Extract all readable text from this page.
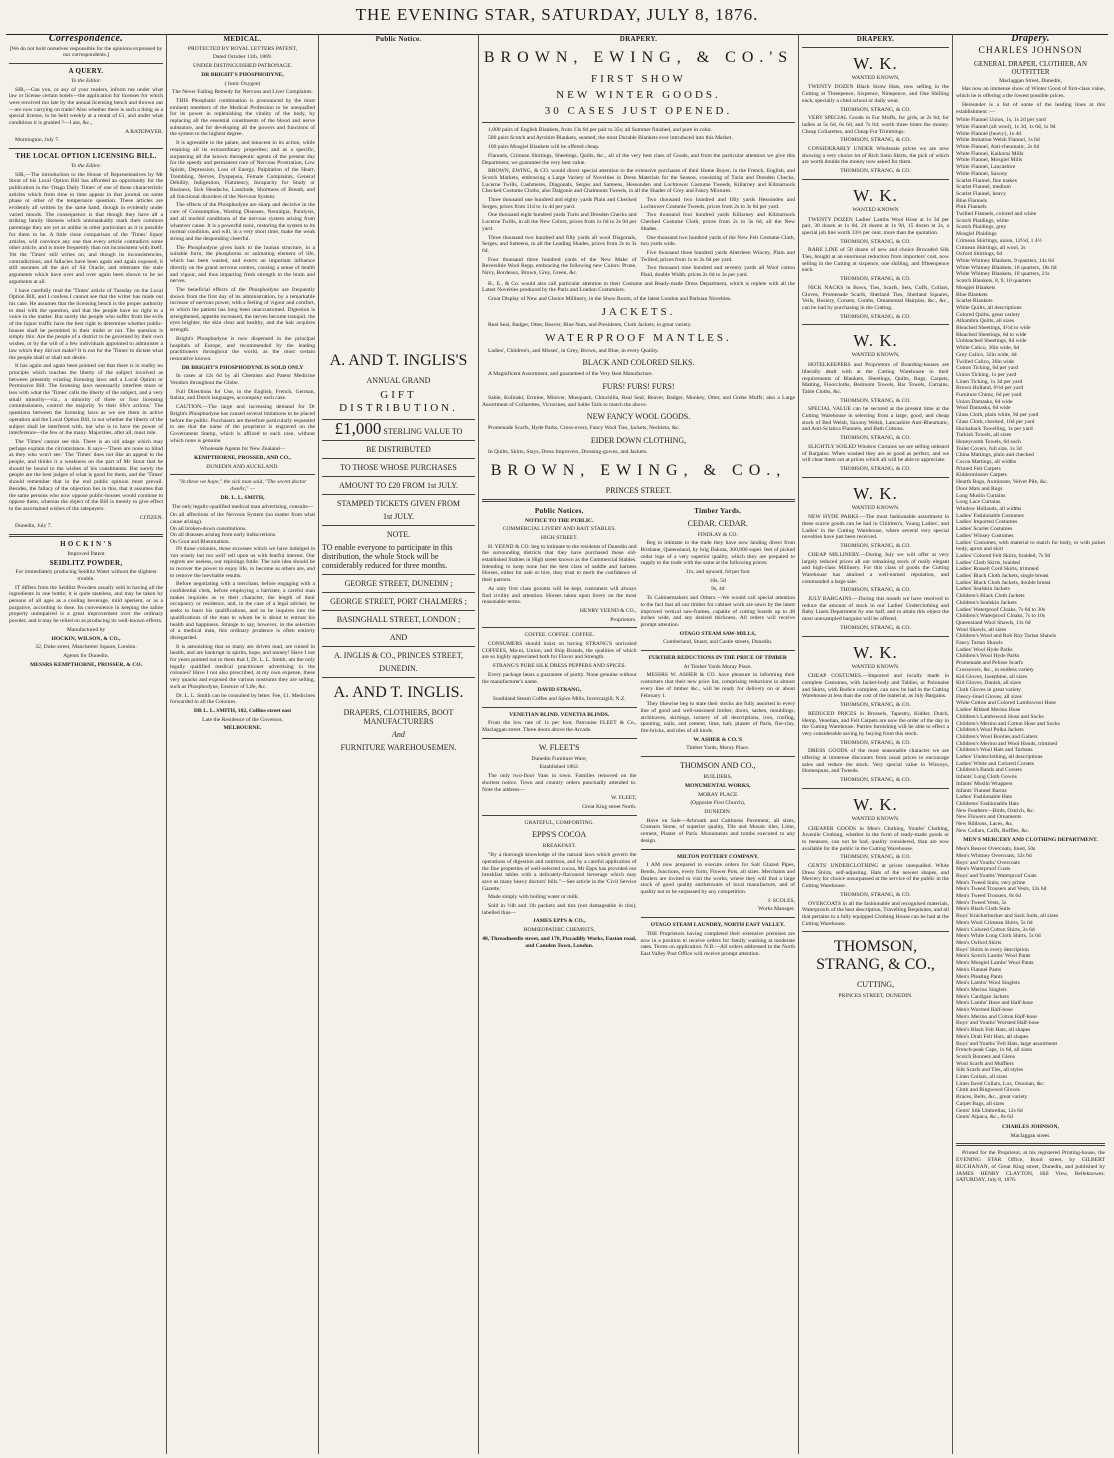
THE EVENING STAR, SATURDAY, JULY 8, 1876.
Correspondence.

[We do not hold ourselves responsible for the opinions expressed by our correspondents.]

A QUERY.

To the Editor.

SIR,—Can you, or any of your readers, inform me under what law or license certain hotels—the application for licenses for which were received too late by the annual licensing bench and thrown out—are now carrying on trade? Also whether there is such a thing as a special license, to be held weekly at a rental of £1, and under what conditions it is granted ?—I am, &c.,

A RATEPAYER.

Mornington, July 7.

THE LOCAL OPTION LICENSING BILL.

To the Editor.

SIR,—The introduction to the House of Representatives by Mr Stout of his Local Option Bill has afforded an opportunity for the publication in the 'Otago Daily Times' of one of those characteristic articles which from time to time appear in that journal on some phase or other of the temperance question. These articles are evidently all written by the same hand, though in evidently under varied moods. The consequence is that though they have all a striking family likeness which unmistakably mark their common parentage they are yet as unlike in other particulars as it is possible for them to be. A little close comparison of the 'Times' liquor articles, will convince any one that every article contradicts some other article, and is more frequently than not inconsistent with itself. Yet the 'Times' still writes on, and though its inconsistencies, contradictions, and fallacies have been again and again exposed, it still assumes all the airs of Sir Oracle, and reiterates the stale arguments which have over and over again been shown to be no arguments at all.

I have carefully read the 'Times' article of Tuesday on the Local Option Bill, and I confess I cannot see that the writer has made out his case. He assumes that the licensing bench is the proper authority to deal with the question, and that the people have no right to a voice in the matter. But surely the people who suffer from the evils of the liquor traffic have the best right to determine whether public-houses shall be permitted in their midst or not. The question is simply this: Are the people of a district to be governed by their own wishes, or by the will of a few individuals appointed to administer a law which they did not make? It is not for the 'Times' to dictate what the people shall or shall not desire.

It has again and again been pointed out that there is in reality no principle which touches the liberty of the subject involved as between presently existing licensing laws and a Local Option or Permissive Bill. The licensing laws necessarily interfere more or less with what the 'Times' calls the liberty of the subject, and a very small minority—viz., a minority of three or four licensing commissioners, control the majority 'in their life's actions.' The questions between the licensing laws as we see them in active operation and the Local Option Bill, is not whether the liberty of the subject shall be interfered with, but who is to have the power of interference—the few or the many. Majorities, after all, must rule.

The 'Times' cannot see this. There is an old adage which may perhaps explain the circumstance. It says—'There are none so blind as they who won't see.' The 'Times' does not like an appeal to the people, and thinks it a weakness on the part of Mr Stout that he should be bound to the wishes of his constituents. But surely the people are the best judges of what is good for them, and the 'Times' should remember that in the end public opinion must prevail. Besides, the fallacy of the objection lies in this, that it assumes that the same persons who now oppose public-houses would continue to oppose them, whereas the object of the Bill is merely to give effect to the ascertained wishes of the ratepayers.

CITIZEN.

Dunedin, July 7.

H O C K I N ' S

Improved Patent

SEIDLITZ POWDER,

For immediately producing Seidlitz Water without the slightest trouble.

IT differs from the Seidlitz Powders usually sold in having all the ingredients in one bottle; it is quite tasteless, and may be taken by persons of all ages as a cooling beverage, mild aperient, or as a purgative, according to dose. Its convenience in keeping the saline property unimpaired is a great improvement over the ordinary powder, and it may be relied on as producing its well-known effects.

Manufactured by

HOCKIN, WILSON, & CO.,

32, Duke street, Manchester Square, London.

Agents for Dunedin.

MESSRS KEMPTHORNE, PROSSER, & CO.

MEDICAL.

PROTECTED BY ROYAL LETTERS PATENT,

Dated October 11th, 1869.

UNDER DISTINGUISHED PATRONAGE.

DR BRIGHT'S PHOSPHODYNE,

( Ionic Oxygen)

The Never Failing Remedy for Nervous and Liver Complaints.

THIS Phosphatic combination is pronounced by the most eminent members of the Medical Profession to be unequalled for its power in replenishing the vitality of the body, by replacing all the essential constituents of the blood and nerve substance, and for developing all the powers and functions of the system to the highest degree.

It is agreeable to the palate, and innocent in its action, while retaining all its extraordinary properties; and as a specific, surpassing all the known therapeutic agents of the present day for the speedy and permanent cure of Nervous Prostration, Low Spirits, Depression, Loss of Energy, Palpitation of the Heart, Trembling, Nerves, Dyspepsia, Female Complaints, General Debility, Indigestion, Flatulency, Incapacity for Study or Business, Sick Headache, Lassitude, Shortness of Breath, and all functional disorders of the Nervous System.

The effects of the Phosphodyne are sharp and decisive in the cure of Consumption, Wasting Diseases, Neuralgia, Paralysis, and all morbid conditions of the nervous system arising from whatever cause. It is a powerful tonic, restoring the system to its normal condition, and will, in a very short time, make the weak strong and the desponding cheerful.

The Phosphodyne gives back to the human structure, in a suitable form, the phosphorus or animating element of life, which has been wasted, and exerts an important influence directly on the grand nervous centres, causing a sense of health and vigour, and thus imparting fresh strength to the brain and nerves.

The beneficial effects of the Phosphodyne are frequently shown from the first day of its administration, by a remarkable increase of nervous power, with a feeling of vigour and comfort, to which the patient has long been unaccustomed. Digestion is strengthened, appetite increased, the nerves become tranquil, the eyes brighter, the skin clear and healthy, and the hair acquires strength.

Bright's Phosphodyne is now dispensed in the principal hospitals of Europe, and recommended by the leading practitioners throughout the world, as the most certain restorative known.

DR BRIGHT'S PHOSPHODYNE IS SOLD ONLY

In cases at 12s 6d by all Chemists and Patent Medicine Vendors throughout the Globe.

Full Directions for Use, in the English, French, German, Italian, and Dutch languages, accompany each case.

CAUTION.—The large and increasing demand for Dr Bright's Phosphodyne has caused several imitations to be placed before the public. Purchasers are therefore particularly requested to see that the name of the proprietor is engraved on the Government Stamp, which is affixed to each case, without which none is genuine.

Wholesale Agents for New Zealand—

KEMPTHORNE, PROSSER, AND CO.,

DUNEDIN AND AUCKLAND.

"In these we hope," the sick man said, "The secret doctor dwells," —

DR. L. L. SMITH,

The only legally-qualified medical man advertising, consults—

On all affections of the Nervous System (no matter from what cause arising).

On all broken-down constitutions.

On all diseases arising from early indiscretions.

On Gout and Rheumatism.

IN those colonies, those excesses which we have indulged in 'not wisely but too well' tell upon us with fearful interest. Our regrets are useless, our repinings futile. The sole idea should be to recover the power to enjoy life, to become as others are, and to remove the inevitable results.

Before negotiating with a merchant, before engaging with a confidential clerk, before employing a barrister, a careful man makes inquiries as to their character, the length of their occupancy or residence, and, in the case of a legal adviser, he seeks to learn his qualifications, and so he inquires into the qualifications of the man to whom he is about to entrust his health and happiness. Strange to say, however, in the selection of a medical man, this ordinary prudence is often entirely disregarded.

It is astonishing that so many are driven mad, are ruined in health, and are bankrupt in spirits, hope, and money! Have I not for years pointed out to them that I, Dr. L. L. Smith, am the only legally qualified medical practitioner advertising in the colonies? Have I not also prescribed, at my own expense, these very quacks and exposed the various nostrums they are selling, such as Phosphodyne, Essence of Life, &c.

Dr. L. L. Smith can be consulted by letter. Fee, £1. Medicines forwarded to all the Colonies.

DR L. L. SMITH, 182, Collins street east

Late the Residence of the Governor,

MELBOURNE.

Public Notice.

A. AND T. INGLIS'S

ANNUAL GRAND

GIFT DISTRIBUTION.

£1,000 STERLING VALUE TO

BE DISTRIBUTED

TO THOSE WHOSE PURCHASES

AMOUNT TO £20 FROM 1st JULY.

STAMPED TICKETS GIVEN FROM

1st JULY.

NOTE.

TO enable everyone to participate in this distribution, the whole Stock will be considerably reduced for three months.

GEORGE STREET, DUNEDIN ;

GEORGE STREET, PORT CHALMERS ;

BASINGHALL STREET, LONDON ;

AND

A. INGLIS & CO., PRINCES STREET,

DUNEDIN.

A. AND T. INGLIS.

DRAPERS, CLOTHIERS, BOOT MANUFACTURERS

And

FURNITURE WAREHOUSEMEN.

DRAPERY.

BROWN, EWING, & CO.'S

FIRST SHOW

NEW WINTER GOODS.

30 CASES JUST OPENED.

1,000 pairs of English Blankets, from 13s 6d per pair to 35s; all Summer finished, and pure in color.

500 pairs Scotch and Ayrshire Blankets, seamed, the most Durable Blankets ever introduced into this Market.

100 pairs Mosgiel Blankets will be offered cheap.

Flannels, Crimean Shirtings, Sheetings, Quilts, &c., all of the very best class of Goods, and from the particular attention we give this Department, we guarantee the very best value.

BROWN, EWING, & CO. would direct special attention to the extensive purchases of their Home Buyer, in the French, English, and Scotch Markets, embracing a Large Variety of Novelties in Dress Materials for the Season, consisting of Turin and Dresden Checks, Lucerne Twills, Cashmeres, Diagonals, Serges and Satteens, Hessonden and Lochtower Costume Tweeds, Killarney and Kilmarnock Checked Costume Cloths, also Dalgonie and Chalmonts Tweeds, in all the Shades of Grey and Fancy Mixtures.

Three thousand one hundred and eighty yards Plain and Checked Serges, prices from 11d to 1s 4d per yard.

One thousand eight hundred yards Turin and Dresden Checks and Lucerne Twills, in all the New Colors, prices from 1s 6d to 2s 9d per yard.

Three thousand two hundred and fifty yards all wool Diagonals, Serges, and Satteens, in all the Leading Shades, prices from 2s to 3s 6d.

Four thousand three hundred yards of the New Make of Reversible Wool Repp, embracing the following new Colors: Prune, Navy, Bordeaux, Brown, Grey, Green, &c.

Two thousand two hundred and fifty yards Hessonden and Lochtower Costume Tweeds, prices from 2s to 3s 6d per yard.

Two thousand four hundred yards Killarney and Kilmarnock Checked Costume Cloth, prices from 2s to 3s 6d, all the New Shades.

One thousand two hundred yards of the New Felt Costume Cloth, two yards wide.

Five thousand three hundred yards Aberdeen Wincey, Plain and Twilled, prices from 1s to 2s 6d per yard.

Two thousand nine hundred and seventy yards all Wool cotton Plaid, double Width, prices 2s 6d to 3s per yard.

B., E., & Co. would also call particular attention to their Costume and Ready-made Dress Department, which is replete with all the Latest Novelties produced by the Paris and London Costumiers.

Great Display of New and Choice Millinery, in the Show Room, of the latest London and Parisian Novelties.

JACKETS.

Real Seal, Badger, Otter, Beaver, Blue Nuts, and Presidents, Cloth Jackets, in great variety.

WATERPROOF MANTLES.

Ladies', Children's, and Misses', in Grey, Brown, and Blue, in every Quality.

BLACK AND COLORED SILKS.

A Magnificent Assortment, and guaranteed of the Very Best Manufacture.

FURS! FURS! FURS!

Sable, Kolinski, Ermine, Miniver, Musquash, Chinchilla, Real Seal, Beaver, Badger, Monkey, Otter, and Grebe Muffs; also a Large Assortment of Collarettes, Victorines, and Sable Tails to match the above.

NEW FANCY WOOL GOODS.

Promenade Scarfs, Hyde Parks, Cross-overs, Fancy Wool Ties, Jackets, Neckleta, &c.

EIDER DOWN CLOTHING,

In Quilts, Skirts, Stays, Dress Improvers, Dressing-gowns, and Jackets.

BROWN, EWING, & CO.,

PRINCES STREET.

Public Notices.

NOTICE TO THE PUBLIC.

COMMERCIAL LIVERY AND BAIT STABLES.

HIGH STREET.

H. YEEND & CO. beg to intimate to the residents of Dunedin and the surrounding districts that they have purchased those old-established Stables in High street known as the Commercial Stables. Intending to keep none but the best class of saddle and harness Horses, either for sale or hire, they trust to merit the confidence of their patrons.

As only first class grooms will be kept, customers will always find civility and attention. Horses taken upon livery on the most reasonable terms.

HENRY YEEND & CO.,

Proprietors.

COFFEE. COFFEE. COFFEE.

CONSUMERS should insist on having STRANG'S unrivaled COFFEES, Ma-ni, Union, and Ship Brands, the qualities of which are so highly appreciated both for Flavor and Strength.

STRANG'S PURE SILK DRESS PEPPERS AND SPICES.

Every package bears a guarantee of purity. None genuine without the manufacturer's name.

DAVID STRANG,

Southland Steam Coffee and Spice Mills, Invercargill, N.Z.

VENETIAN BLIND. VENETIA BLINDS.

From the low rate of 1s per foot. Patronise FLEET & Co., Maclaggan street. Three doors above the Arcade.

W. FLEET'S

Dunedin Furniture Ware,

Established 1862.

The only two-floor Vans in town. Families removed on the shortest notice. Town and country orders punctually attended to. Note the address—

W. FLEET,

Great King street North.

GRATEFUL, COMFORTING.

EPPS'S COCOA

BREAKFAST.

"By a thorough knowledge of the natural laws which govern the operations of digestion and nutrition, and by a careful application of the fine properties of well-selected cocoa, Mr Epps has provided our breakfast tables with a delicately-flavoured beverage which may save us many heavy doctors' bills."—See article in the 'Civil Service Gazette.'

Made simply with boiling water or milk.

Sold in ½lb and 1lb packets and tins (not damageable in tins), labelled thus—

JAMES EPPS & CO.,

HOMŒOPATHIC CHEMISTS,

48, Threadneedle street, and 170, Piccadilly Works, Euston road, and Camden Town, London.

Timber Yards.

CEDAR. CEDAR.

FINDLAY & CO.

Beg to intimate to the trade they have now landing direct from Brisbane, Queensland, by brig Dakota, 300,000 super. feet of picked cedar logs of a very superior quality, which they are prepared to supply to the trade with the same at the following prices:

11s, and upward, 6d per foot

10s, 5d

9s, 4d

To Cabinetmakers and Others.—We would call special attention to the fact that all our timber for cabinet work are sawn by the latest improved vertical saw-frames, capable of cutting boards up to 48 inches wide, and any desired thickness. All orders will receive prompt attention.

OTAGO STEAM SAW-MILLS,

Cumberland, Stuart, and Castle streets, Dunedin.

FURTHER REDUCTIONS IN THE PRICE OF TIMBER

At Timber Yards Moray Place.

MESSRS W. ASHER & CO. have pleasure in informing their customers that their new price list, comprising reductions in almost every line of timber &c., will be ready for delivery on or about February 1.

They likewise beg to state their stocks are fully assorted in every line of good and well-seasoned timber, doors, sashes, mouldings, architraves, skirtings, turnery of all descriptions, iron, roofing, spouting, nails, and cement, lime, hair, plaster of Paris, fire-clay, fire-bricks, and tiles of all kinds.

W. ASHER & CO.'S

Timber Yards, Moray Place.

THOMSON AND CO.,

BUILDERS,

MONUMENTAL WORKS,

MORAY PLACE

(Opposite First Church),

DUNEDIN.

Have on Sale—Arbroath and Caithness Pavement, all sizes, Cramarn Stone, of superior quality, Tile and Mosaic tiles, Lime, cement, Plaster of Paris. Monuments and tombs executed to any design.

MILTON POTTERY COMPANY.

I AM now prepared to execute orders for Salt Glazed Pipes, Bends, Junctions, every form, Flower Pots, all sizes. Merchants and Dealers are invited to visit the works, where they will find a large stock of good quality earthenware of local manufacture, and of quality not to be surpassed by any competition.

J. SCOLES,

Works Manager.

OTAGO STEAM LAUNDRY, NORTH EAST VALLEY.

THE Proprietors having completed their extensive premises are now in a position to receive orders for family washing at moderate rates. Terms on application. N.B.—All orders addressed to the North East Valley Post Office will receive prompt attention.

DRAPERY.

W. K.

WANTED KNOWN,

TWENTY DOZEN Black Straw Hats, now selling in the Cutting at Threepence, Sixpence, Ninepence, and One Shilling each, specially a cited school or daily wear.

THOMSON, STRANG, & CO.

VERY SPECIAL Goods in Fur Muffs, for girls, at 2s 6d; for ladies at 5s 6d, 6s 6d, and 7s 6d; worth three times the money. Cheap Collarettes, and Cheap Fur Trimmings.

THOMSON, STRANG, & CO.

CONSIDERABLY UNDER Wholesale prices we are now showing a very choice lot of Rich Satin Skirts, the pick of which are worth double the money now asked for them.

THOMSON, STRANG, & CO.

W. K.

WANTED KNOWN

TWENTY DOZEN Ladies' Lambs Wool Hose at 1s 3d per pair, 30 dozen at 1s 6d, 24 dozen at 1s 9d, 15 dozen at 2s, a special job line worth 33⅓ per cent. more than the quotation.

THOMSON, STRANG, & CO.

RARE LINE of 50 dozen of new and choice Brocaded Silk Ties, bought at an enormous reduction from importers' cost, now selling in the Cutting at sixpence, one shilling, and fifteenpence each.

THOMSON, STRANG, & CO.

NICK NACKS in Bows, Ties, Scarfs, Sets, Cuffs, Collars, Gloves, Promenade Scarfs, Shetland Ties, Shetland Squares, Veils, Hosiery, Corsets, Combs, Ornamental Hairpins, &c., &c., can be had by purchasing in the Cutting.

THOMSON, STRANG, & CO.

W. K.

WANTED KNOWN,

HOTELKEEPERS and Proprietors of Boarding-houses are liberally dealt with at the Cutting Warehouse in their requirements of Blankets, Sheetings, Quilts, Rugs, Carpets, Matting, Floorcloths, Bedroom Towels, Bar Towels, Curtains, Table Cloths, &c.

THOMSON, STRANG, & CO.

SPECIAL VALUE can be secured at the present time at the Cutting Warehouse in selecting from a large, good, and cheap stock of Bed Welsh, Saxony Welsh, Lancashire Anti-Rheumatic, and Anti-Sciatica Flannels, and Bath Cottons.

THOMSON, STRANG, & CO.

SLIGHTLY SOILED Window Curtains we are selling unheard of Bargains. When washed they are as good as perfect, and we will clear them out at prices which all will be able to appreciate.

THOMSON, STRANG, & CO.

W. K.

WANTED KNOWN.

NEW HYDE PARKS.—The most fashionable assortment in these scarce goods can be had in Children's, Young Ladies', and Ladies' in the Cutting Warehouse, where several very special novelties have just been received.

THOMSON, STRANG, & CO.

CHEAP MILLINERY.—During July we will offer at very largely reduced prices all our remaining stock of really elegant and high-class Millinery. For this class of goods the Cutting Warehouse has attained a well-earned reputation, and commanded a large sale.

THOMSON, STRANG, & CO.

JULY BARGAINS.—During this month we have resolved to reduce the amount of stock in our Ladies' Underclothing and Baby Linen Department by one half, and to attain this object the most unexampled bargains will be offered.

THOMSON, STRANG, & CO.

W. K.

WANTED KNOWN.

CHEAP COSTUMES.—Imported and locally made in complete Costumes, with Jacket-body and Tablier, or Polonaise and Skirts, with Bodice complete, can now be had in the Cutting Warehouse at less than the cost of the material, as July Bargains.

THOMSON, STRANG, & CO.

REDUCED PRICES in Brussels, Tapestry, Kidder, Dutch, Hemp, Venetian, and Felt Carpets are now the order of the day in the Cutting Warehouse. Parties furnishing will be able to effect a very considerable saving by buying from this stock.

THOMSON, STRANG, & CO.

DRESS GOODS of the most seasonable character we are offering at immense discounts from usual prices to encourage sales and reduce the stock. Very special value in Winceys, Homespuns, and Tweeds.

THOMSON, STRANG, & CO.

W. K.

WANTED KNOWN.

CHEAPER GOODS in Men's Clothing, Youths' Clothing, Juvenile Clothing, whether in the form of ready-made goods or to measure, can not be had, quality considered, than are now available for the public in the Cutting Warehouse.

THOMSON, STRANG, & CO.

GENTS' UNDERCLOTHING at prices unequalled. White Dress Shirts, self-adjusting. Hats of the newest shapes, and Mercery for choice unsurpassed at the service of the public in the Cutting Warehouse.

THOMSON, STRANG, & CO.

OVERCOATS in all the fashionable and recognised materials, Waterproofs of the best description, Travelling Requisites, and all that pertains to a fully equipped Clothing House can be had at the Cutting Warehouse.

THOMSON, STRANG, & CO.,

CUTTING,

PRINCES STREET, DUNEDIN.

Drapery.

CHARLES JOHNSON

GENERAL DRAPER, CLOTHIER, AN OUTFITTER

Maclaggan Street, Dunedin,

Has now an immense show of Winter Good of first-class value, which he is offering a the lowest possible prices.

Hereunder is a list of some of the leading lines at this establishment :—

White Flannel Union, 1s, 1s 2d per yard

White Flannel (all wool), 1s 3d, 1s 6d, 1s 9d

White Flannel (heavy), 1s 4d

White Imitation Welsh Flannel, 1s 6d

White Flannel, Anti-rheumatic, 2s 6d

White Flannel, Kaikorai Mills

White Flannel, Mosgiel Mills

White Flannel, Lancashire

White Flannel, Saxony

Scarlet Flannel, fine makes

Scarlet Flannel, medium

Scarlet Flannel, heavy

Blue Flannels

Pink Flannels

Twilled Flannels, colored and white

Scotch Plaidings, white

Scotch Plaidings, grey

Mosgiel Plaidings

Crimean Shirtings, union, 12½d, 1 4½

Crimean Shirtings, all wool, 2s

Oxford Shirtings, 6d

White Whitney Blankets, 9 quarters, 14s 6d

White Whitney Blankets, 10 quarters, 18s 6d

White Whitney Blankets, 10 quarters, 21s

Scotch Blankets, 8, 9, 10 quarters

Mosgiel Blankets

Blue Blankets

Scarlet Blankets

White Quilts, all descriptions

Colored Quilts, great variety

Alhambra Quilts, all sizes

Bleached Sheetings, 4½d to wide

Bleached Sheetings, 6d to wide

Unbleached Sheetings, 8d wide

White Calico, 36in wide, 6d

Grey Calico, 32in wide, 4d

Twilled Calico, 36in wide

Cotton Ticking, 6d per yard

Union Ticking, 1s per yard

Linen Ticking, 1s 3d per yard

Brown Holland, 6½d per yard

Furniture Chintz, 6d per yard

Union Damasks, 6d wide

Wool Damasks, 6d wide

Glass Cloth, plain white, 9d per yard

Glass Cloth, checked, 10d per yard

Huckaback Towelling, 1s per yard

Turkish Towels, all sizes

Honeycomb Towels, 6d each

Toilet Covers, full size, 1s 3d

China Mattings, plain and checked

Cocoa Mattings, all widths

Printed Felt Carpets

Kidderminster Carpets

Hearth Rugs, Axminster, Velvet Pile, &c.

Door Mats and Rugs

Long Muslin Curtains

Long Lace Curtains

Window Hollands, all widths

Ladies' Fashionable Costumes

Ladies' Imported Costumes

Ladies' Scarlet Costumes

Ladies' Winsey Costumes

Ladies' Costumes, with material to match for body, or with jacket body, apron and skirt

Ladies' Colored Felt Skirts, braided, 7s 9d

Ladies' Cloth Skirts, braided

Ladies' Russell Cord Skirts, trimmed

Ladies' Black Cloth Jackets, single breast

Ladies' Black Cloth Jackets, double breast

Ladies' Sealskin Jackets

Children's Black Cloth Jackets

Children's Sealskin Jackets

Ladies' Waterproof Cloaks, 7s 6d to 30s

Children's Waterproof Cloaks, 7s to 10s

Queensland Wool Shawls, 11s 6d

Wool Shawls, all sizes

Children's Wool and Rob Roy Tartan Shawls

Fancy Tartan Shawls

Ladies' Wool Hyde Parks

Children's Wool Hyde Parks

Promenade and Pelisse Scarfs

Crossovers, &c., in endless variety

Kid Gloves, Josephine, all sizes

Kid Gloves, Danish, all sizes

Cloth Gloves in great variety

Fleecy-lined Gloves, all sizes

White Cotton and Colored Lambswool Hose

Ladies' Ribbed Merino Hose

Children's Lambswool Hose and Socks

Children's Merino and Cotton Hose and Socks

Children's Wool Polka Jackets

Children's Wool Booties and Gaiters

Children's Merino and Wool Hoods, trimmed

Children's Wool Hats and Turbans

Ladies' Underclothing, all descriptions

Ladies' White and Colored Corsets

Children's Bands and Corsets

Infants' Long Cloth Gowns

Infants' Muslin Wrappers

Infants' Flannel Barras

Ladies' Fashionable Hats

Childrens' Fashionable Hats

New Feathers—Birds, Ostrich, &c.

New Flowers and Ornaments

New Ribbons, Laces, &c.

New Collars, Cuffs, Ruffles, &c.

MEN'S MERCERY AND CLOTHING DEPARTMENT.

Men's Beaver Overcoats, lined, 50s

Men's Whitney Overcoats, 32s 6d

Boys' and Youths' Overcoats

Men's Waterproof Coats

Boys' and Youths' Waterproof Coats

Men's Tweed Suits, very prime

Men's Tweed Trousers and Vests, 12s 6d

Men's Tweed Trousers, 8s 6d

Men's Tweed Vests, 5s

Men's Black Cloth Suits

Boys' Knickerbocker and Sack Suits, all sizes

Men's Wool Crimean Shirts, 5s 6d

Men's Colored Cotton Shirts, 2s 6d

Men's White Long Cloth Shirts, 5s 6d

Men's Oxford Shirts

Boys' Shirts in every description

Men's Scotch Lambs' Wool Pants

Men's Mosgiel Lambs' Wool Pants

Men's Flannel Pants

Men's Pleating Pants

Men's Lambs' Wool Singlets

Men's Merino Singlets

Men's Cardigan Jackets

Men's Lambs' Hose and Half-hose

Men's Worsted Half-hose

Men's Merino and Cotton Half-hose

Boys' and Youths' Worsted Half-hose

Men's Black Felt Hats, all shapes

Men's Drab Felt Hats, all shapes

Boys' and Youths' Felt Hats, large assortment

French-peak Caps, 1s 6d, all sizes

Scotch Bonnets and Glens

Wool Scarfs and Mufflers

Silk Scarfs and Ties, all styles

Linen Collars, all sizes

Linen faced Collars, Lux, Oxonian, &c.

Cloth and Ringwood Gloves

Braces, Belts, &c., great variety

Carpet Bags, all sizes

Gents' Silk Umbrellas, 12s 6d

Gents' Alpaca, &c., 8s 6d

CHARLES JOHNSON,

Maclaggan street.

Printed for the Proprietor, at his registered Printing-house, the EVENING STAR Office, Bond street, by GILBERT BUCHANAN, of Great King street, Dunedin, and published by JAMES HENRY CLAYTON, Hill View, Belleknowes. SATURDAY, July 8, 1876.
